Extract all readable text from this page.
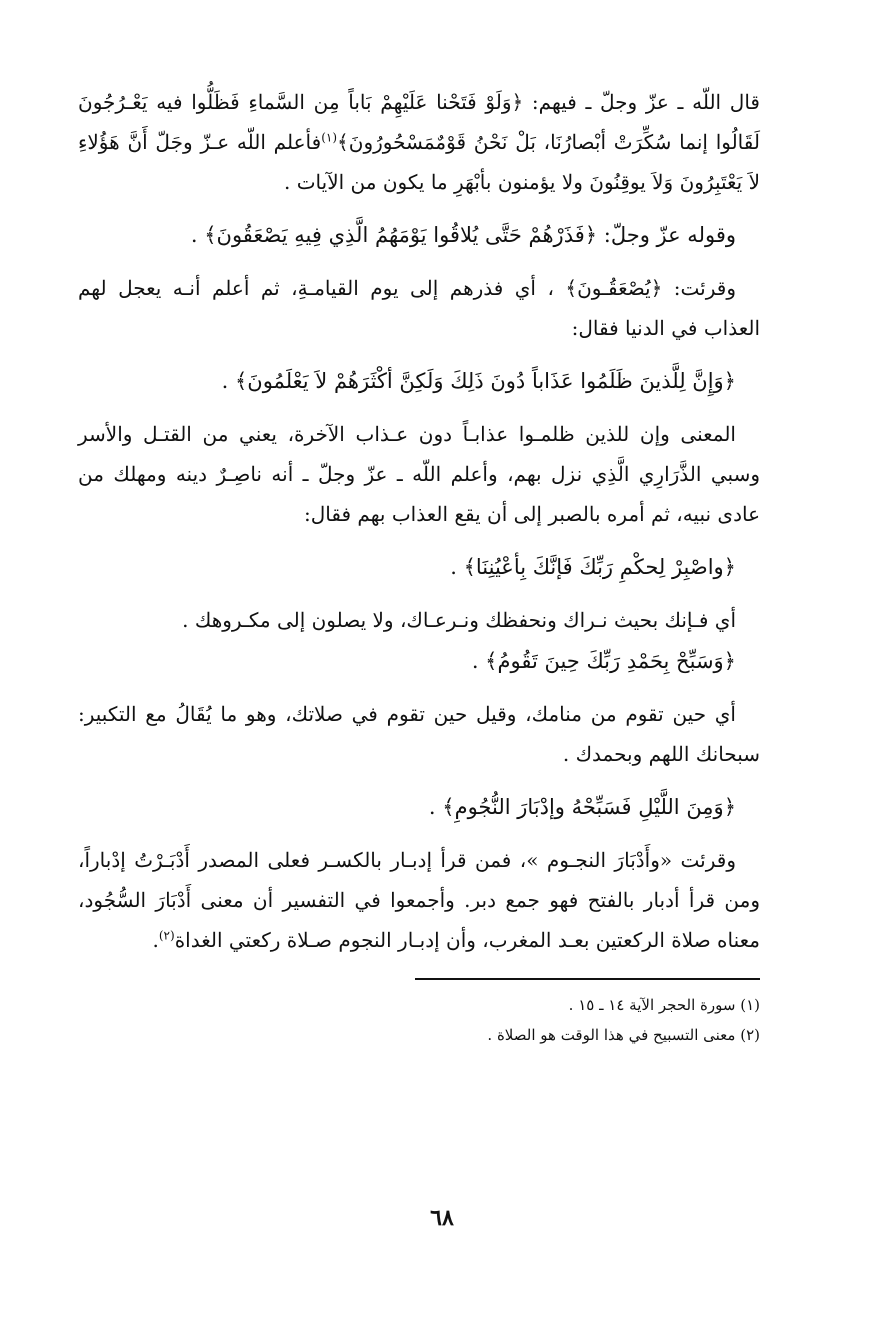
قال اللّه ـ عزّ وجلّ ـ فيهم: ﴿وَلَوْ فَتَحْنا عَلَيْهِمْ بَاباً مِن السَّماءِ فَظَلُّوا فيه يَعْـرُجُونَ لَقَالُوا إنما سُكِّرَتْ أبْصارُنَا، بَلْ نَحْنُ قَوْمٌمَسْحُورُونَ﴾$^{(١)}$فأعلم اللّه عـزّ وجَلّ أَنَّ هَؤُلاءِ لاَ يَعْتَبِرُونَ وَلاَ يوقِنُونَ ولا يؤمنون بأبْهَرِ ما يكون من الآيات .

وقوله عزّ وجلّ: ﴿فَذَرْهُمْ حَتَّى يُلاقُوا يَوْمَهُمُ الَّذِي فِيهِ يَصْعَقُونَ﴾ .

وقرئت: ﴿يُصْعَقُـونَ﴾ ، أي فذرهم إلى يوم القيامـةِ، ثم أعلم أنـه يعجل لهم العذاب في الدنيا فقال:

﴿وَإِنَّ لِلَّذينَ ظَلَمُوا عَذَاباً دُونَ ذَلِكَ وَلَكِنَّ أكْثَرَهُمْ لاَ يَعْلَمُونَ﴾ .

المعنى وإن للذين ظلمـوا عذابـاً دون عـذاب الآخرة، يعني من القتـل والأسر وسبي الذَّرَارِي الَّذِي نزل بهم، وأعلم اللّه ـ عزّ وجلّ ـ أنه ناصِـرٌ دينه ومهلك من عادى نبيه، ثم أمره بالصبر إلى أن يقع العذاب بهم فقال:

﴿واصْبِرْ لِحكْمِ رَبِّكَ فَإنَّكَ بِأعْيُنِنَا﴾ .

أي فـإنك بحيث نـراك ونحفظك ونـرعـاك، ولا يصلون إلى مكـروهك .

﴿وَسَبِّحْ بِحَمْدِ رَبِّكَ حِينَ تَقُومُ﴾ .

أي حين تقوم من منامك، وقيل حين تقوم في صلاتك، وهو ما يُقَالُ مع التكبير: سبحانك اللهم وبحمدك .

﴿وَمِنَ اللَّيْلِ فَسَبِّحْهُ وإدْبَارَ النُّجُومِ﴾ .

وقرئت «وأَدْبَارَ النجـوم »، فمن قرأ إدبـار بالكسـر فعلى المصدر أَدْبَـرْتُ إدْباراً، ومن قرأ أدبار بالفتح فهو جمع دبر. وأجمعوا في التفسير أن معنى أَدْبَارَ السُّجُود، معناه صلاة الركعتين بعـد المغرب، وأن إدبـار النجوم صـلاة ركعتي الغداة$^{(٢)}$.

(١) سورة الحجر الآية ١٤ ـ ١٥ .

(٢) معنى التسبيح في هذا الوقت هو الصلاة .

٦٨
